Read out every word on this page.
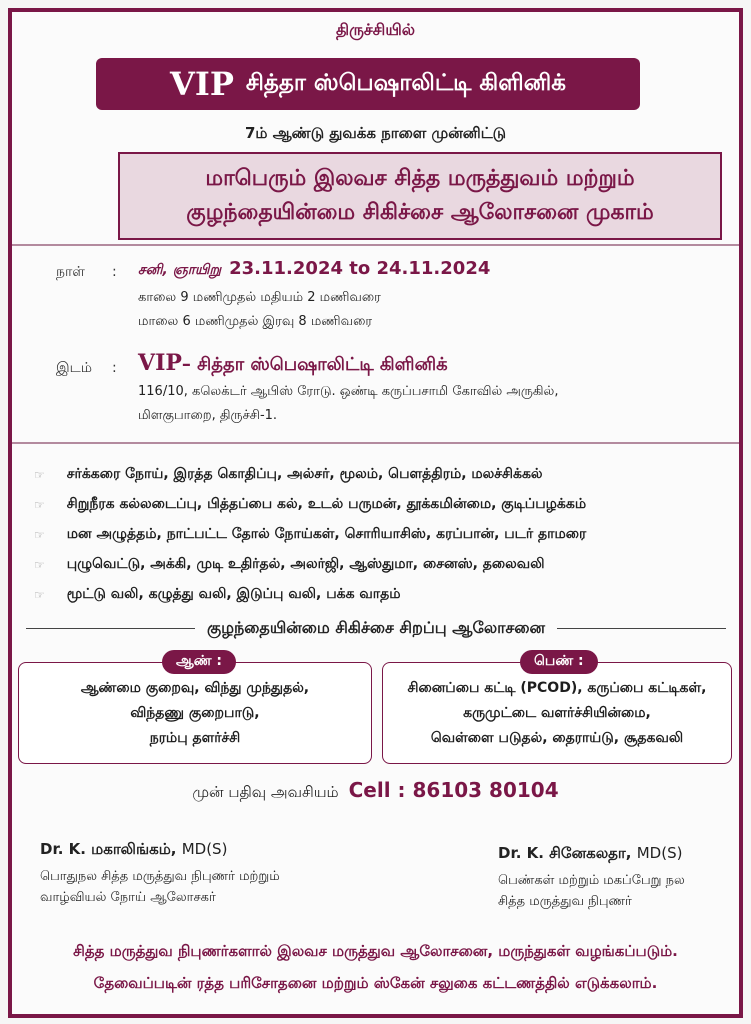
திருச்சியில்
VIP சித்தா ஸ்பெஷாலிட்டி கிளினிக்
7ம் ஆண்டு துவக்க நாளை முன்னிட்டு
மாபெரும் இலவச சித்த மருத்துவம் மற்றும்
குழந்தையின்மை சிகிச்சை ஆலோசனை முகாம்
நாள் : சனி, ஞாயிறு 23.11.2024 to 24.11.2024
காலை 9 மணிமுதல் மதியம் 2 மணிவரை
மாலை 6 மணிமுதல் இரவு 8 மணிவரை
இடம் : VIP– சித்தா ஸ்பெஷாலிட்டி கிளினிக்
116/10, கலெக்டர் ஆபிஸ் ரோடு. ஒண்டி கருப்பசாமி கோவில் அருகில்,
மிளகுபாறை, திருச்சி-1.
☞ சர்க்கரை நோய், இரத்த கொதிப்பு, அல்சர், மூலம், பௌத்திரம், மலச்சிக்கல்
☞ சிறுநீரக கல்லடைப்பு, பித்தப்பை கல், உடல் பருமன், தூக்கமின்மை, குடிப்பழக்கம்
☞ மன அழுத்தம், நாட்பட்ட தோல் நோய்கள், சொரியாசிஸ், கரப்பான், படர் தாமரை
☞ புழுவெட்டு, அக்கி, முடி உதிர்தல், அலர்ஜி, ஆஸ்துமா, சைனஸ், தலைவலி
☞ மூட்டு வலி, கழுத்து வலி, இடுப்பு வலி, பக்க வாதம்
குழந்தையின்மை சிகிச்சை சிறப்பு ஆலோசனை
ஆண்மை குறைவு, விந்து முந்துதல்,
விந்தணு குறைபாடு,
நரம்பு தளர்ச்சி
ஆண் :
சினைப்பை கட்டி (PCOD), கருப்பை கட்டிகள்,
கருமுட்டை வளர்ச்சியின்மை,
வெள்ளை படுதல், தைராய்டு, சூதகவலி
பெண் :
முன் பதிவு அவசியம் Cell : 86103 80104
Dr. K. மகாலிங்கம், MD(S)
பொதுநல சித்த மருத்துவ நிபுணர் மற்றும்
வாழ்வியல் நோய் ஆலோசகர்
Dr. K. சினேகலதா, MD(S)
பெண்கள் மற்றும் மகப்பேறு நல
சித்த மருத்துவ நிபுணர்
சித்த மருத்துவ நிபுணர்களால் இலவச மருத்துவ ஆலோசனை, மருந்துகள் வழங்கப்படும்.
தேவைப்படின் ரத்த பரிசோதனை மற்றும் ஸ்கேன் சலுகை கட்டணத்தில் எடுக்கலாம்.
